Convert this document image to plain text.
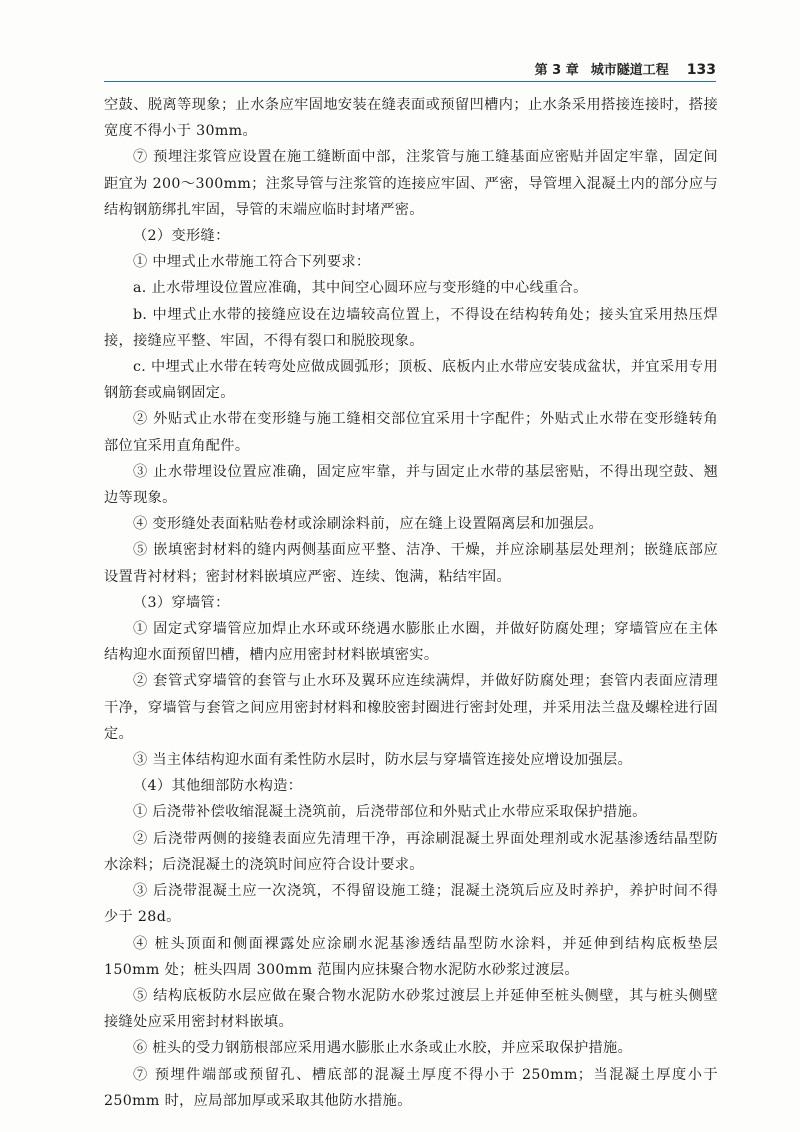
第 3 章 城市隧道工程 133

空鼓、脱离等现象；止水条应牢固地安装在缝表面或预留凹槽内；止水条采用搭接连接时，搭接宽度不得小于 30mm。

⑦ 预埋注浆管应设置在施工缝断面中部，注浆管与施工缝基面应密贴并固定牢靠，固定间距宜为 200～300mm；注浆导管与注浆管的连接应牢固、严密，导管埋入混凝土内的部分应与结构钢筋绑扎牢固，导管的末端应临时封堵严密。

（2）变形缝：

① 中埋式止水带施工符合下列要求：

a. 止水带埋设位置应准确，其中间空心圆环应与变形缝的中心线重合。

b. 中埋式止水带的接缝应设在边墙较高位置上，不得设在结构转角处；接头宜采用热压焊接，接缝应平整、牢固，不得有裂口和脱胶现象。

c. 中埋式止水带在转弯处应做成圆弧形；顶板、底板内止水带应安装成盆状，并宜采用专用钢筋套或扁钢固定。

② 外贴式止水带在变形缝与施工缝相交部位宜采用十字配件；外贴式止水带在变形缝转角部位宜采用直角配件。

③ 止水带埋设位置应准确，固定应牢靠，并与固定止水带的基层密贴，不得出现空鼓、翘边等现象。

④ 变形缝处表面粘贴卷材或涂刷涂料前，应在缝上设置隔离层和加强层。

⑤ 嵌填密封材料的缝内两侧基面应平整、洁净、干燥，并应涂刷基层处理剂；嵌缝底部应设置背衬材料；密封材料嵌填应严密、连续、饱满，粘结牢固。

（3）穿墙管：

① 固定式穿墙管应加焊止水环或环绕遇水膨胀止水圈，并做好防腐处理；穿墙管应在主体结构迎水面预留凹槽，槽内应用密封材料嵌填密实。

② 套管式穿墙管的套管与止水环及翼环应连续满焊，并做好防腐处理；套管内表面应清理干净，穿墙管与套管之间应用密封材料和橡胶密封圈进行密封处理，并采用法兰盘及螺栓进行固定。

③ 当主体结构迎水面有柔性防水层时，防水层与穿墙管连接处应增设加强层。

（4）其他细部防水构造：

① 后浇带补偿收缩混凝土浇筑前，后浇带部位和外贴式止水带应采取保护措施。

② 后浇带两侧的接缝表面应先清理干净，再涂刷混凝土界面处理剂或水泥基渗透结晶型防水涂料；后浇混凝土的浇筑时间应符合设计要求。

③ 后浇带混凝土应一次浇筑，不得留设施工缝；混凝土浇筑后应及时养护，养护时间不得少于 28d。

④ 桩头顶面和侧面裸露处应涂刷水泥基渗透结晶型防水涂料，并延伸到结构底板垫层 150mm 处；桩头四周 300mm 范围内应抹聚合物水泥防水砂浆过渡层。

⑤ 结构底板防水层应做在聚合物水泥防水砂浆过渡层上并延伸至桩头侧壁，其与桩头侧壁接缝处应采用密封材料嵌填。

⑥ 桩头的受力钢筋根部应采用遇水膨胀止水条或止水胶，并应采取保护措施。

⑦ 预埋件端部或预留孔、槽底部的混凝土厚度不得小于 250mm；当混凝土厚度小于 250mm 时，应局部加厚或采取其他防水措施。
